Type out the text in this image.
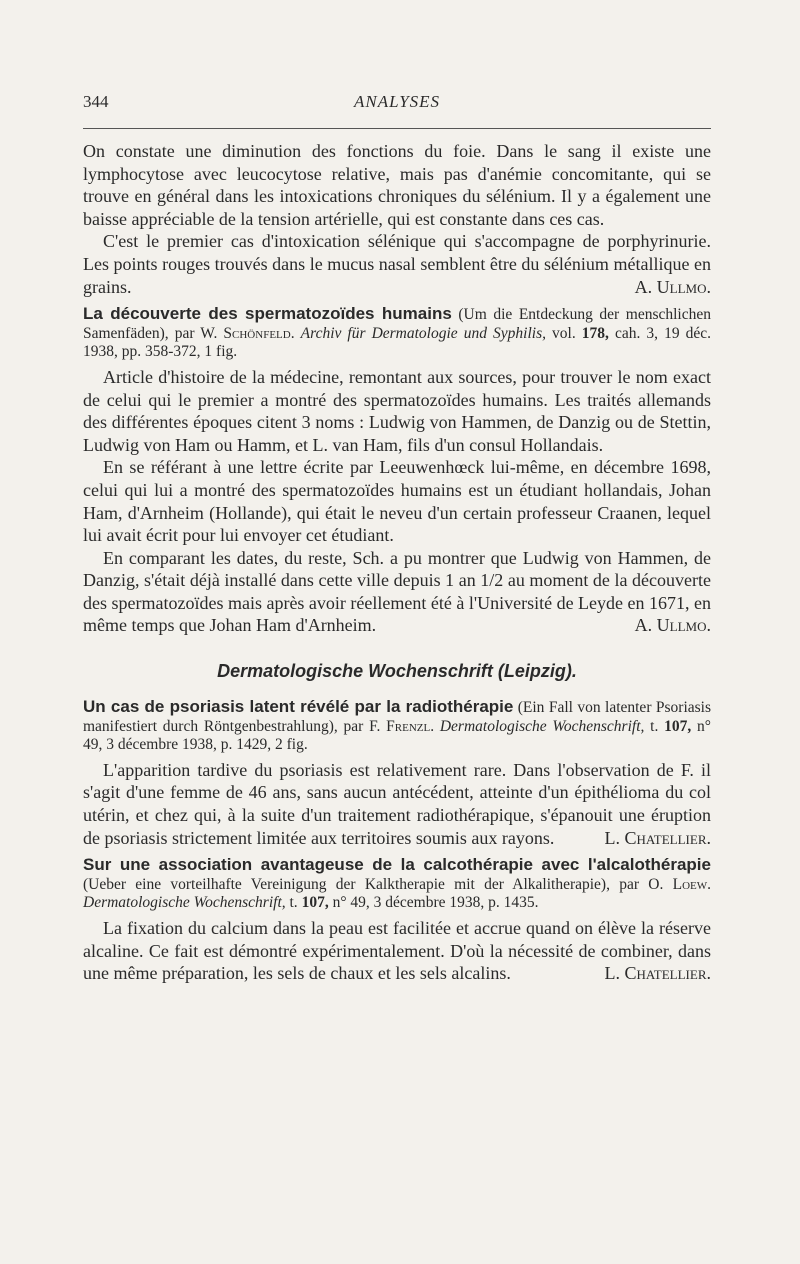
344	ANALYSES

On constate une diminution des fonctions du foie. Dans le sang il existe une lymphocytose avec leucocytose relative, mais pas d'anémie concomitante, qui se trouve en général dans les intoxications chroniques du sélénium. Il y a également une baisse appréciable de la tension artérielle, qui est constante dans ces cas.

C'est le premier cas d'intoxication sélénique qui s'accompagne de porphyrinurie. Les points rouges trouvés dans le mucus nasal semblent être du sélénium métallique en grains.	A. Ullmo.

La découverte des spermatozoïdes humains (Um die Entdeckung der menschlichen Samenfäden), par W. Schönfeld. Archiv für Dermatologie und Syphilis, vol. 178, cah. 3, 19 déc. 1938, pp. 358-372, 1 fig.

Article d'histoire de la médecine, remontant aux sources, pour trouver le nom exact de celui qui le premier a montré des spermatozoïdes humains. Les traités allemands des différentes époques citent 3 noms : Ludwig von Hammen, de Danzig ou de Stettin, Ludwig von Ham ou Hamm, et L. van Ham, fils d'un consul Hollandais.

En se référant à une lettre écrite par Leeuwenhœck lui-même, en décembre 1698, celui qui lui a montré des spermatozoïdes humains est un étudiant hollandais, Johan Ham, d'Arnheim (Hollande), qui était le neveu d'un certain professeur Craanen, lequel lui avait écrit pour lui envoyer cet étudiant.

En comparant les dates, du reste, Sch. a pu montrer que Ludwig von Hammen, de Danzig, s'était déjà installé dans cette ville depuis 1 an 1/2 au moment de la découverte des spermatozoïdes mais après avoir réellement été à l'Université de Leyde en 1671, en même temps que Johan Ham d'Arnheim.	A. Ullmo.

Dermatologische Wochenschrift (Leipzig).

Un cas de psoriasis latent révélé par la radiothérapie (Ein Fall von latenter Psoriasis manifestiert durch Röntgenbestrahlung), par F. Frenzl. Dermatologische Wochenschrift, t. 107, n° 49, 3 décembre 1938, p. 1429, 2 fig.

L'apparition tardive du psoriasis est relativement rare. Dans l'observation de F. il s'agit d'une femme de 46 ans, sans aucun antécédent, atteinte d'un épithélioma du col utérin, et chez qui, à la suite d'un traitement radiothérapique, s'épanouit une éruption de psoriasis strictement limitée aux territoires soumis aux rayons.	L. Chatellier.

Sur une association avantageuse de la calcothérapie avec l'alcalothérapie (Ueber eine vorteilhafte Vereinigung der Kalktherapie mit der Alkalitherapie), par O. Loew. Dermatologische Wochenschrift, t. 107, n° 49, 3 décembre 1938, p. 1435.

La fixation du calcium dans la peau est facilitée et accrue quand on élève la réserve alcaline. Ce fait est démontré expérimentalement. D'où la nécessité de combiner, dans une même préparation, les sels de chaux et les sels alcalins.	L. Chatellier.
